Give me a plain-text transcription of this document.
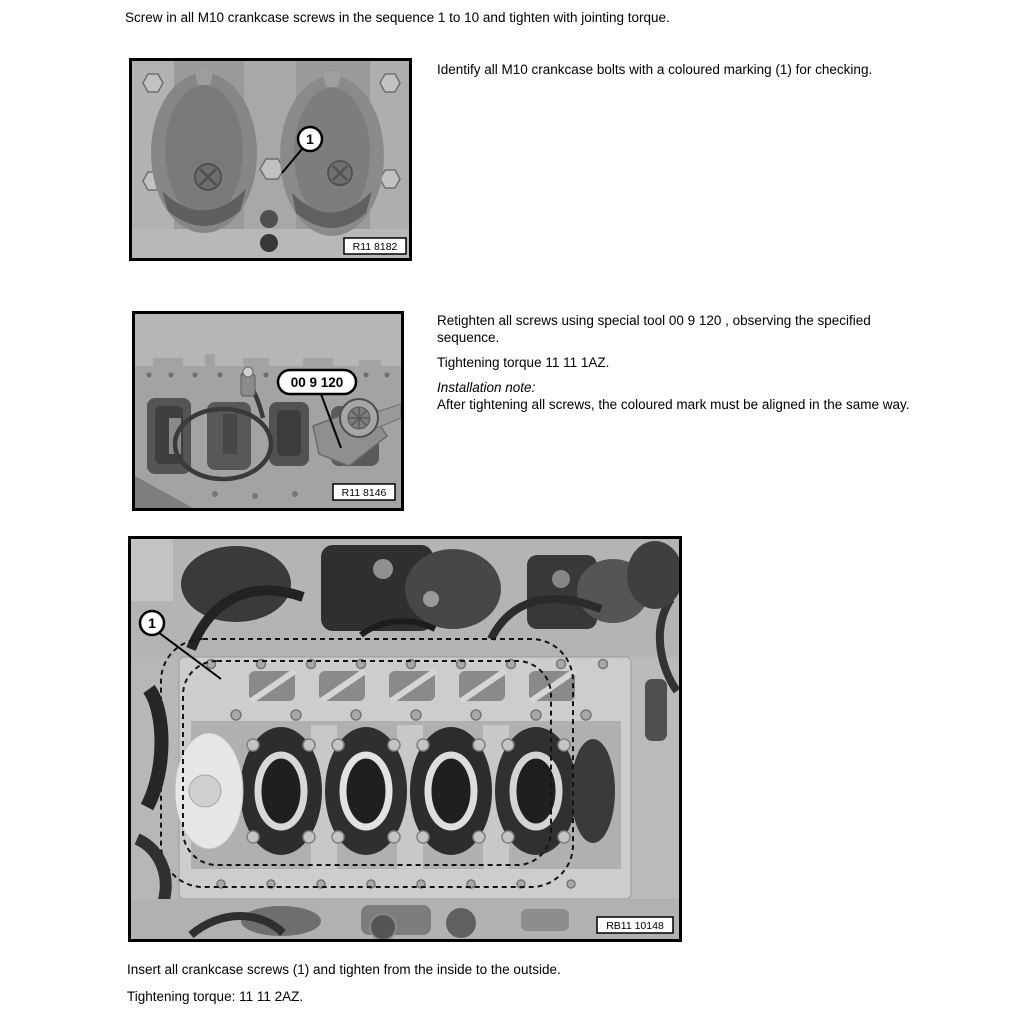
Screw in all M10 crankcase screws in the sequence 1 to 10 and tighten with jointing torque.
1
R11 8182
Identify all M10 crankcase bolts with a coloured marking (1) for checking.
00 9 120
R11 8146
Retighten all screws using special tool 00 9 120 , observing the specified sequence.
Tightening torque 11 11 1AZ.
Installation note:
After tightening all screws, the coloured mark must be aligned in the same way.
1
RB11 10148
Insert all crankcase screws (1) and tighten from the inside to the outside.
Tightening torque: 11 11 2AZ.
